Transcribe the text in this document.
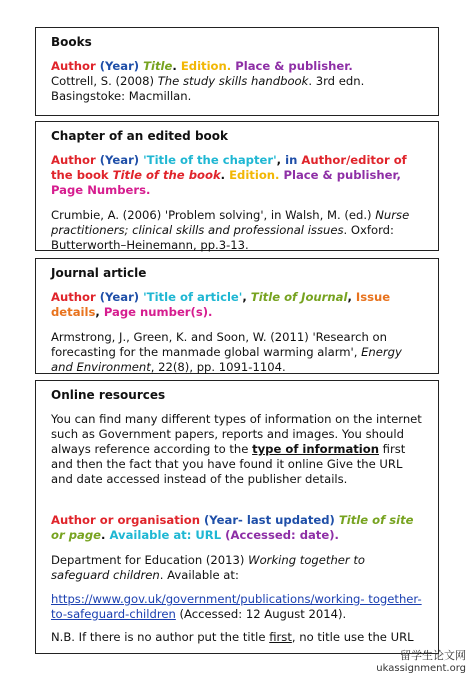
Books

Author (Year) Title. Edition. Place & publisher.

Cottrell, S. (2008) The study skills handbook. 3rd edn. Basingstoke: Macmillan.

Chapter of an edited book

Author (Year) 'Title of the chapter', in Author/editor of the book Title of the book. Edition. Place & publisher, Page Numbers.

Crumbie, A. (2006) 'Problem solving', in Walsh, M. (ed.) Nurse practitioners; clinical skills and professional issues. Oxford: Butterworth–Heinemann, pp.3-13.

Journal article

Author (Year) 'Title of article', Title of Journal, Issue details, Page number(s).

Armstrong, J., Green, K. and Soon, W. (2011) 'Research on forecasting for the manmade global warming alarm', Energy and Environment, 22(8), pp. 1091-1104.

Online resources

You can find many different types of information on the internet such as Government papers, reports and images. You should always reference according to the type of information first and then the fact that you have found it online Give the URL and date accessed instead of the publisher details.

Author or organisation (Year- last updated) Title of site or page. Available at: URL (Accessed: date).

Department for Education (2013) Working together to safeguard children. Available at:

https://www.gov.uk/government/publications/working- together-to-safeguard-children (Accessed: 12 August 2014).

N.B. If there is no author put the title first, no title use the URL

留学生论文网
ukassignment.org
